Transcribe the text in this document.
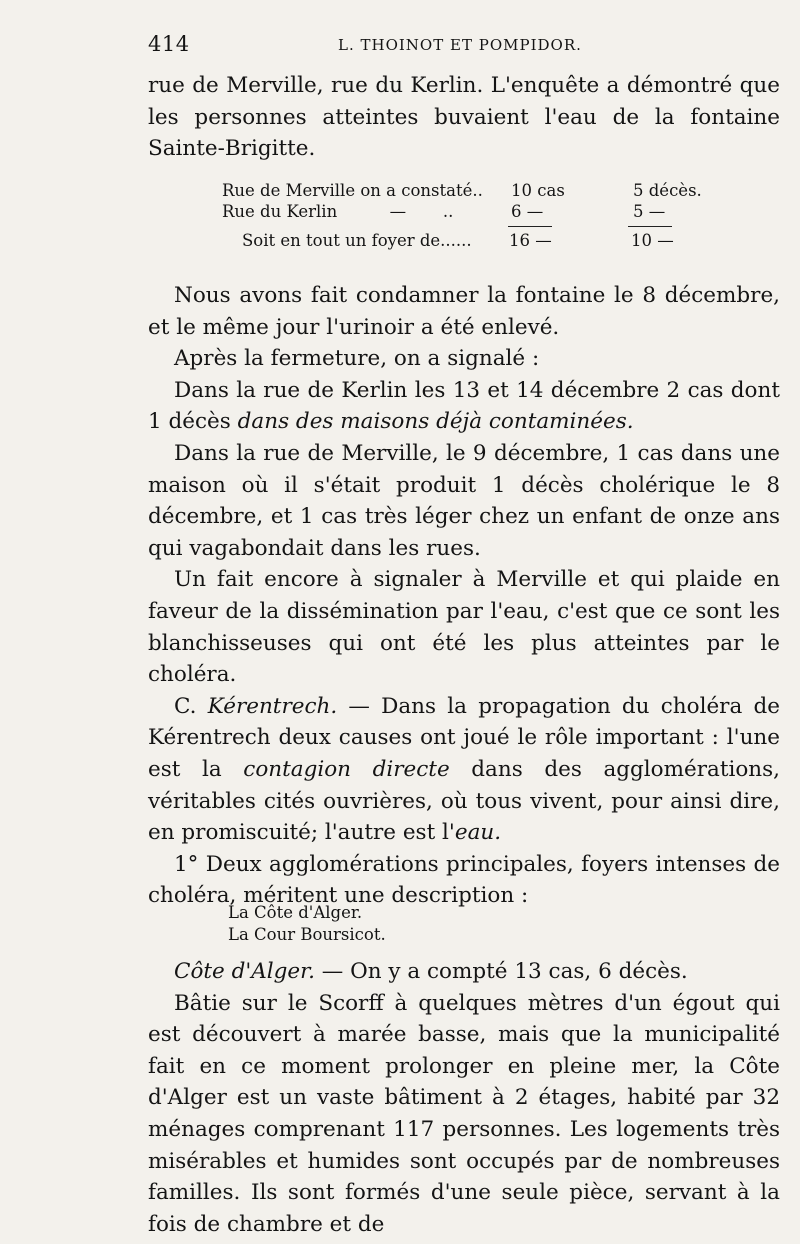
414	L. THOINOT ET POMPIDOR.

rue de Merville, rue du Kerlin. L'enquête a démontré que les personnes atteintes buvaient l'eau de la fontaine Sainte-Brigitte.

Rue de Merville on a constaté.. 10 cas	5 décès.
Rue du Kerlin          —       ..	6 —	5 —
Soit en tout un foyer de...... 16 —	10 —

Nous avons fait condamner la fontaine le 8 décembre, et le même jour l'urinoir a été enlevé.

Après la fermeture, on a signalé :

Dans la rue de Kerlin les 13 et 14 décembre 2 cas dont 1 décès dans des maisons déjà contaminées.

Dans la rue de Merville, le 9 décembre, 1 cas dans une maison où il s'était produit 1 décès cholérique le 8 décembre, et 1 cas très léger chez un enfant de onze ans qui vagabondait dans les rues.

Un fait encore à signaler à Merville et qui plaide en faveur de la dissémination par l'eau, c'est que ce sont les blanchisseuses qui ont été les plus atteintes par le choléra.

C. Kérentrech. — Dans la propagation du choléra de Kérentrech deux causes ont joué le rôle important : l'une est la contagion directe dans des agglomérations, véritables cités ouvrières, où tous vivent, pour ainsi dire, en promiscuité; l'autre est l'eau.

1° Deux agglomérations principales, foyers intenses de choléra, méritent une description :

La Côte d'Alger.
La Cour Boursicot.

Côte d'Alger. — On y a compté 13 cas, 6 décès.

Bâtie sur le Scorff à quelques mètres d'un égout qui est découvert à marée basse, mais que la municipalité fait en ce moment prolonger en pleine mer, la Côte d'Alger est un vaste bâtiment à 2 étages, habité par 32 ménages comprenant 117 personnes. Les logements très misérables et humides sont occupés par de nombreuses familles. Ils sont formés d'une seule pièce, servant à la fois de chambre et de
